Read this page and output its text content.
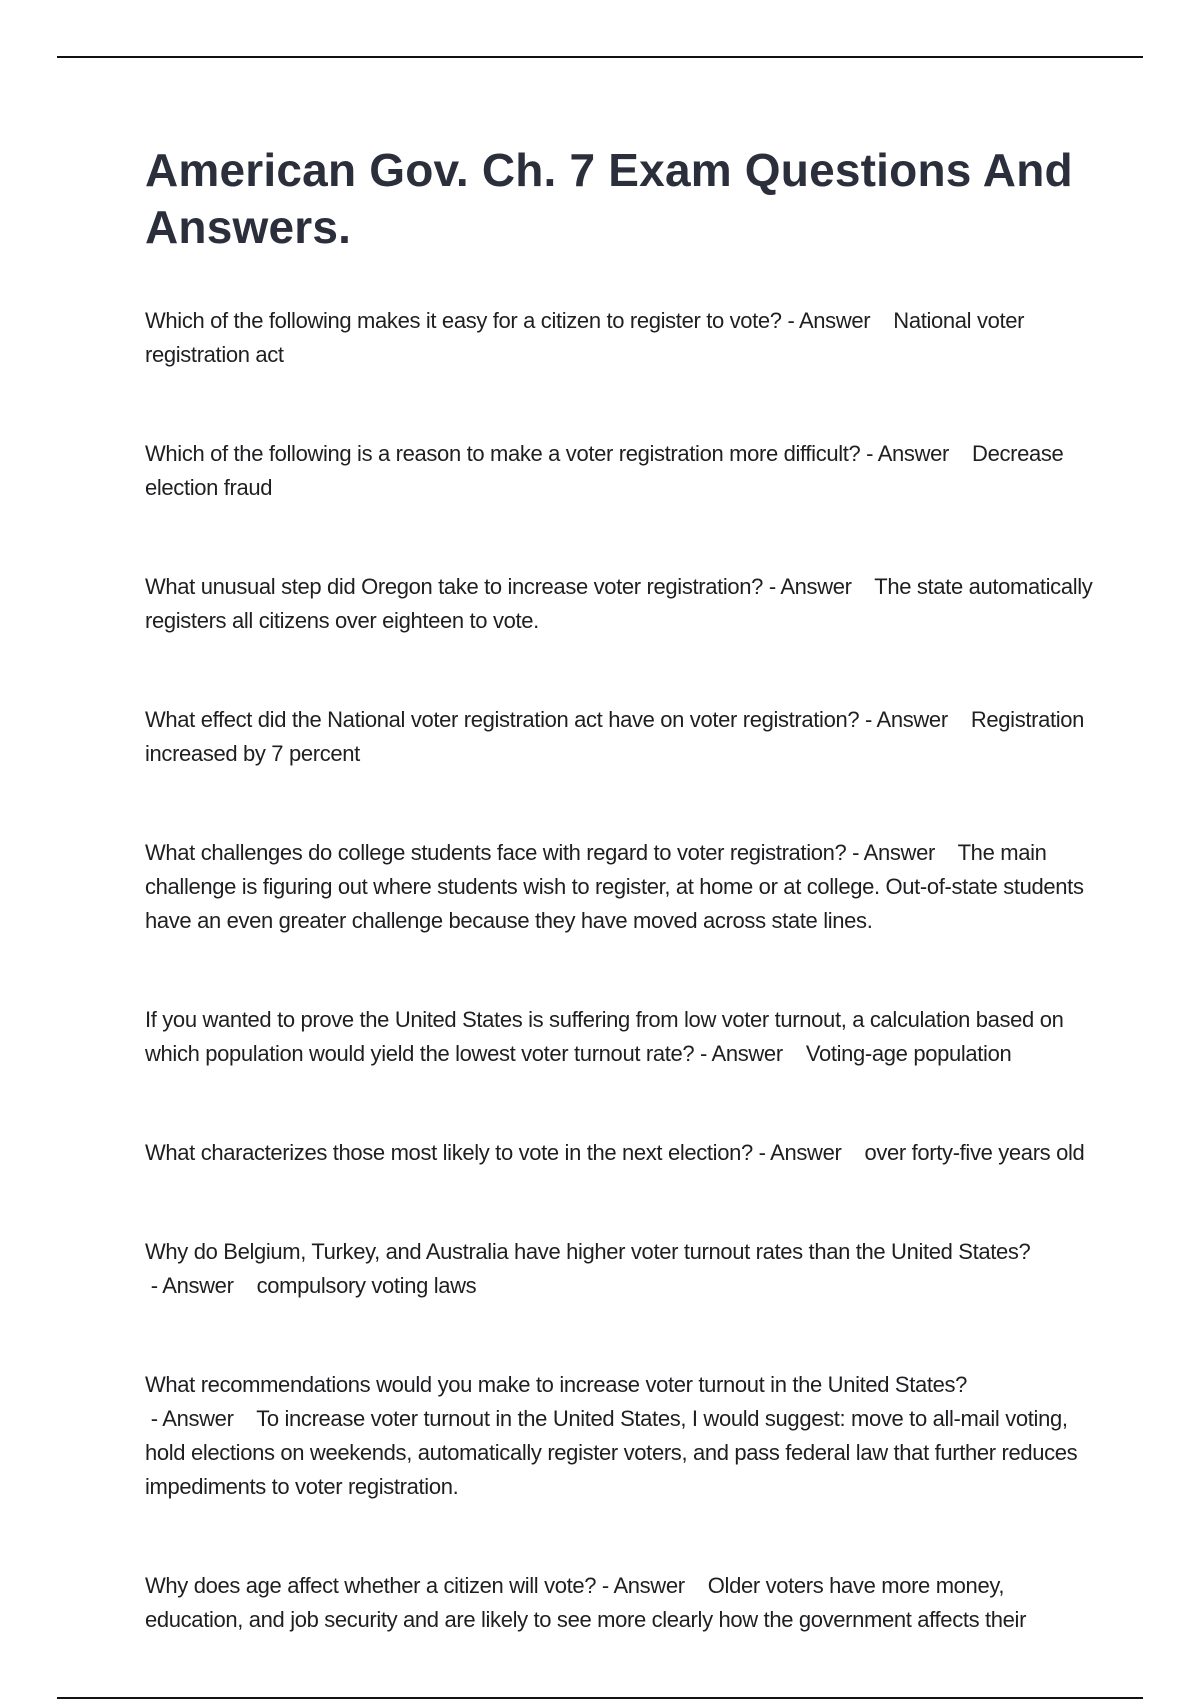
American Gov. Ch. 7 Exam Questions And Answers.

Which of the following makes it easy for a citizen to register to vote? - Answer    National voter registration act

Which of the following is a reason to make a voter registration more difficult? - Answer    Decrease election fraud

What unusual step did Oregon take to increase voter registration? - Answer    The state automatically registers all citizens over eighteen to vote.

What effect did the National voter registration act have on voter registration? - Answer    Registration increased by 7 percent

What challenges do college students face with regard to voter registration? - Answer    The main challenge is figuring out where students wish to register, at home or at college. Out-of-state students have an even greater challenge because they have moved across state lines.

If you wanted to prove the United States is suffering from low voter turnout, a calculation based on which population would yield the lowest voter turnout rate? - Answer    Voting-age population

What characterizes those most likely to vote in the next election? - Answer    over forty-five years old

Why do Belgium, Turkey, and Australia have higher voter turnout rates than the United States? - Answer    compulsory voting laws

What recommendations would you make to increase voter turnout in the United States? - Answer    To increase voter turnout in the United States, I would suggest: move to all-mail voting, hold elections on weekends, automatically register voters, and pass federal law that further reduces impediments to voter registration.

Why does age affect whether a citizen will vote? - Answer    Older voters have more money, education, and job security and are likely to see more clearly how the government affects their
